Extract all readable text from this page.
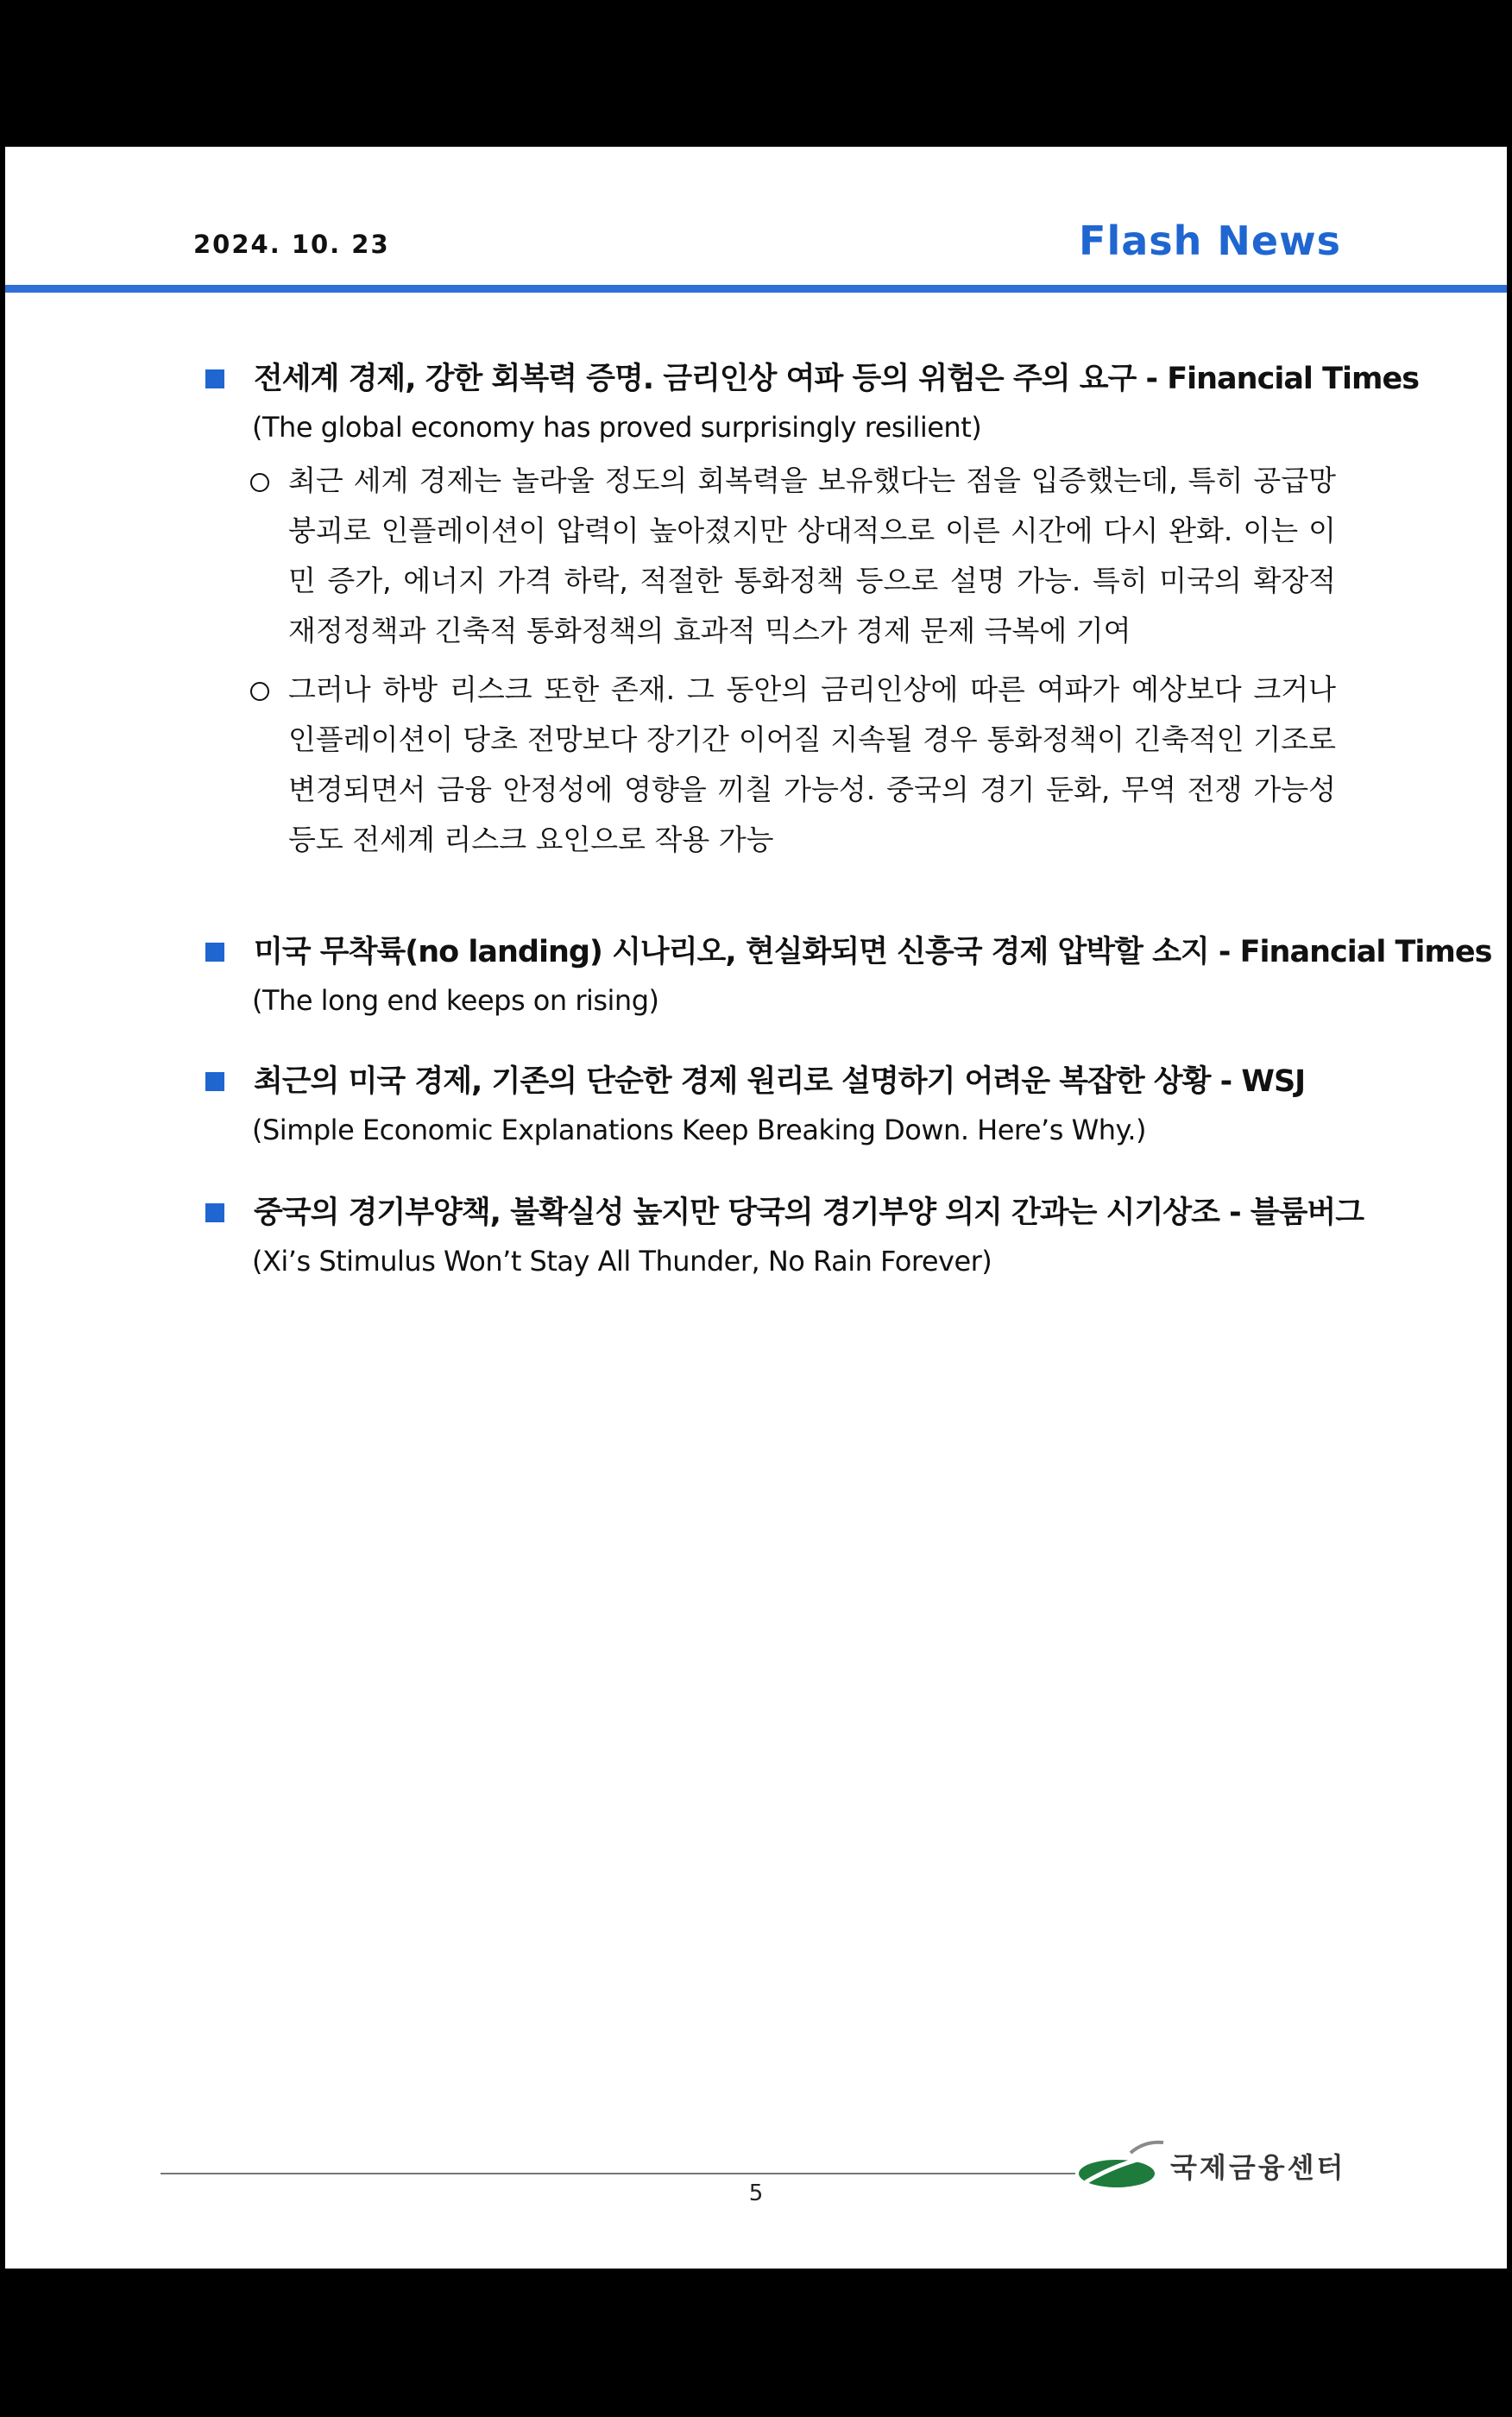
2024. 10. 23	Flash News
전세계 경제, 강한 회복력 증명. 금리인상 여파 등의 위험은 주의 요구 - Financial Times
(The global economy has proved surprisingly resilient)
최근 세계 경제는 놀라울 정도의 회복력을 보유했다는 점을 입증했는데, 특히 공급망 붕괴로 인플레이션이 압력이 높아졌지만 상대적으로 이른 시간에 다시 완화. 이는 이민 증가, 에너지 가격 하락, 적절한 통화정책 등으로 설명 가능. 특히 미국의 확장적 재정정책과 긴축적 통화정책의 효과적 믹스가 경제 문제 극복에 기여
그러나 하방 리스크 또한 존재. 그 동안의 금리인상에 따른 여파가 예상보다 크거나 인플레이션이 당초 전망보다 장기간 이어질 지속될 경우 통화정책이 긴축적인 기조로 변경되면서 금융 안정성에 영향을 끼칠 가능성. 중국의 경기 둔화, 무역 전쟁 가능성 등도 전세계 리스크 요인으로 작용 가능
미국 무착륙(no landing) 시나리오, 현실화되면 신흥국 경제 압박할 소지 - Financial Times
(The long end keeps on rising)
최근의 미국 경제, 기존의 단순한 경제 원리로 설명하기 어려운 복잡한 상황 - WSJ
(Simple Economic Explanations Keep Breaking Down. Here’s Why.)
중국의 경기부양책, 불확실성 높지만 당국의 경기부양 의지 간과는 시기상조 - 블룸버그
(Xi’s Stimulus Won’t Stay All Thunder, No Rain Forever)
국제금융센터
5
